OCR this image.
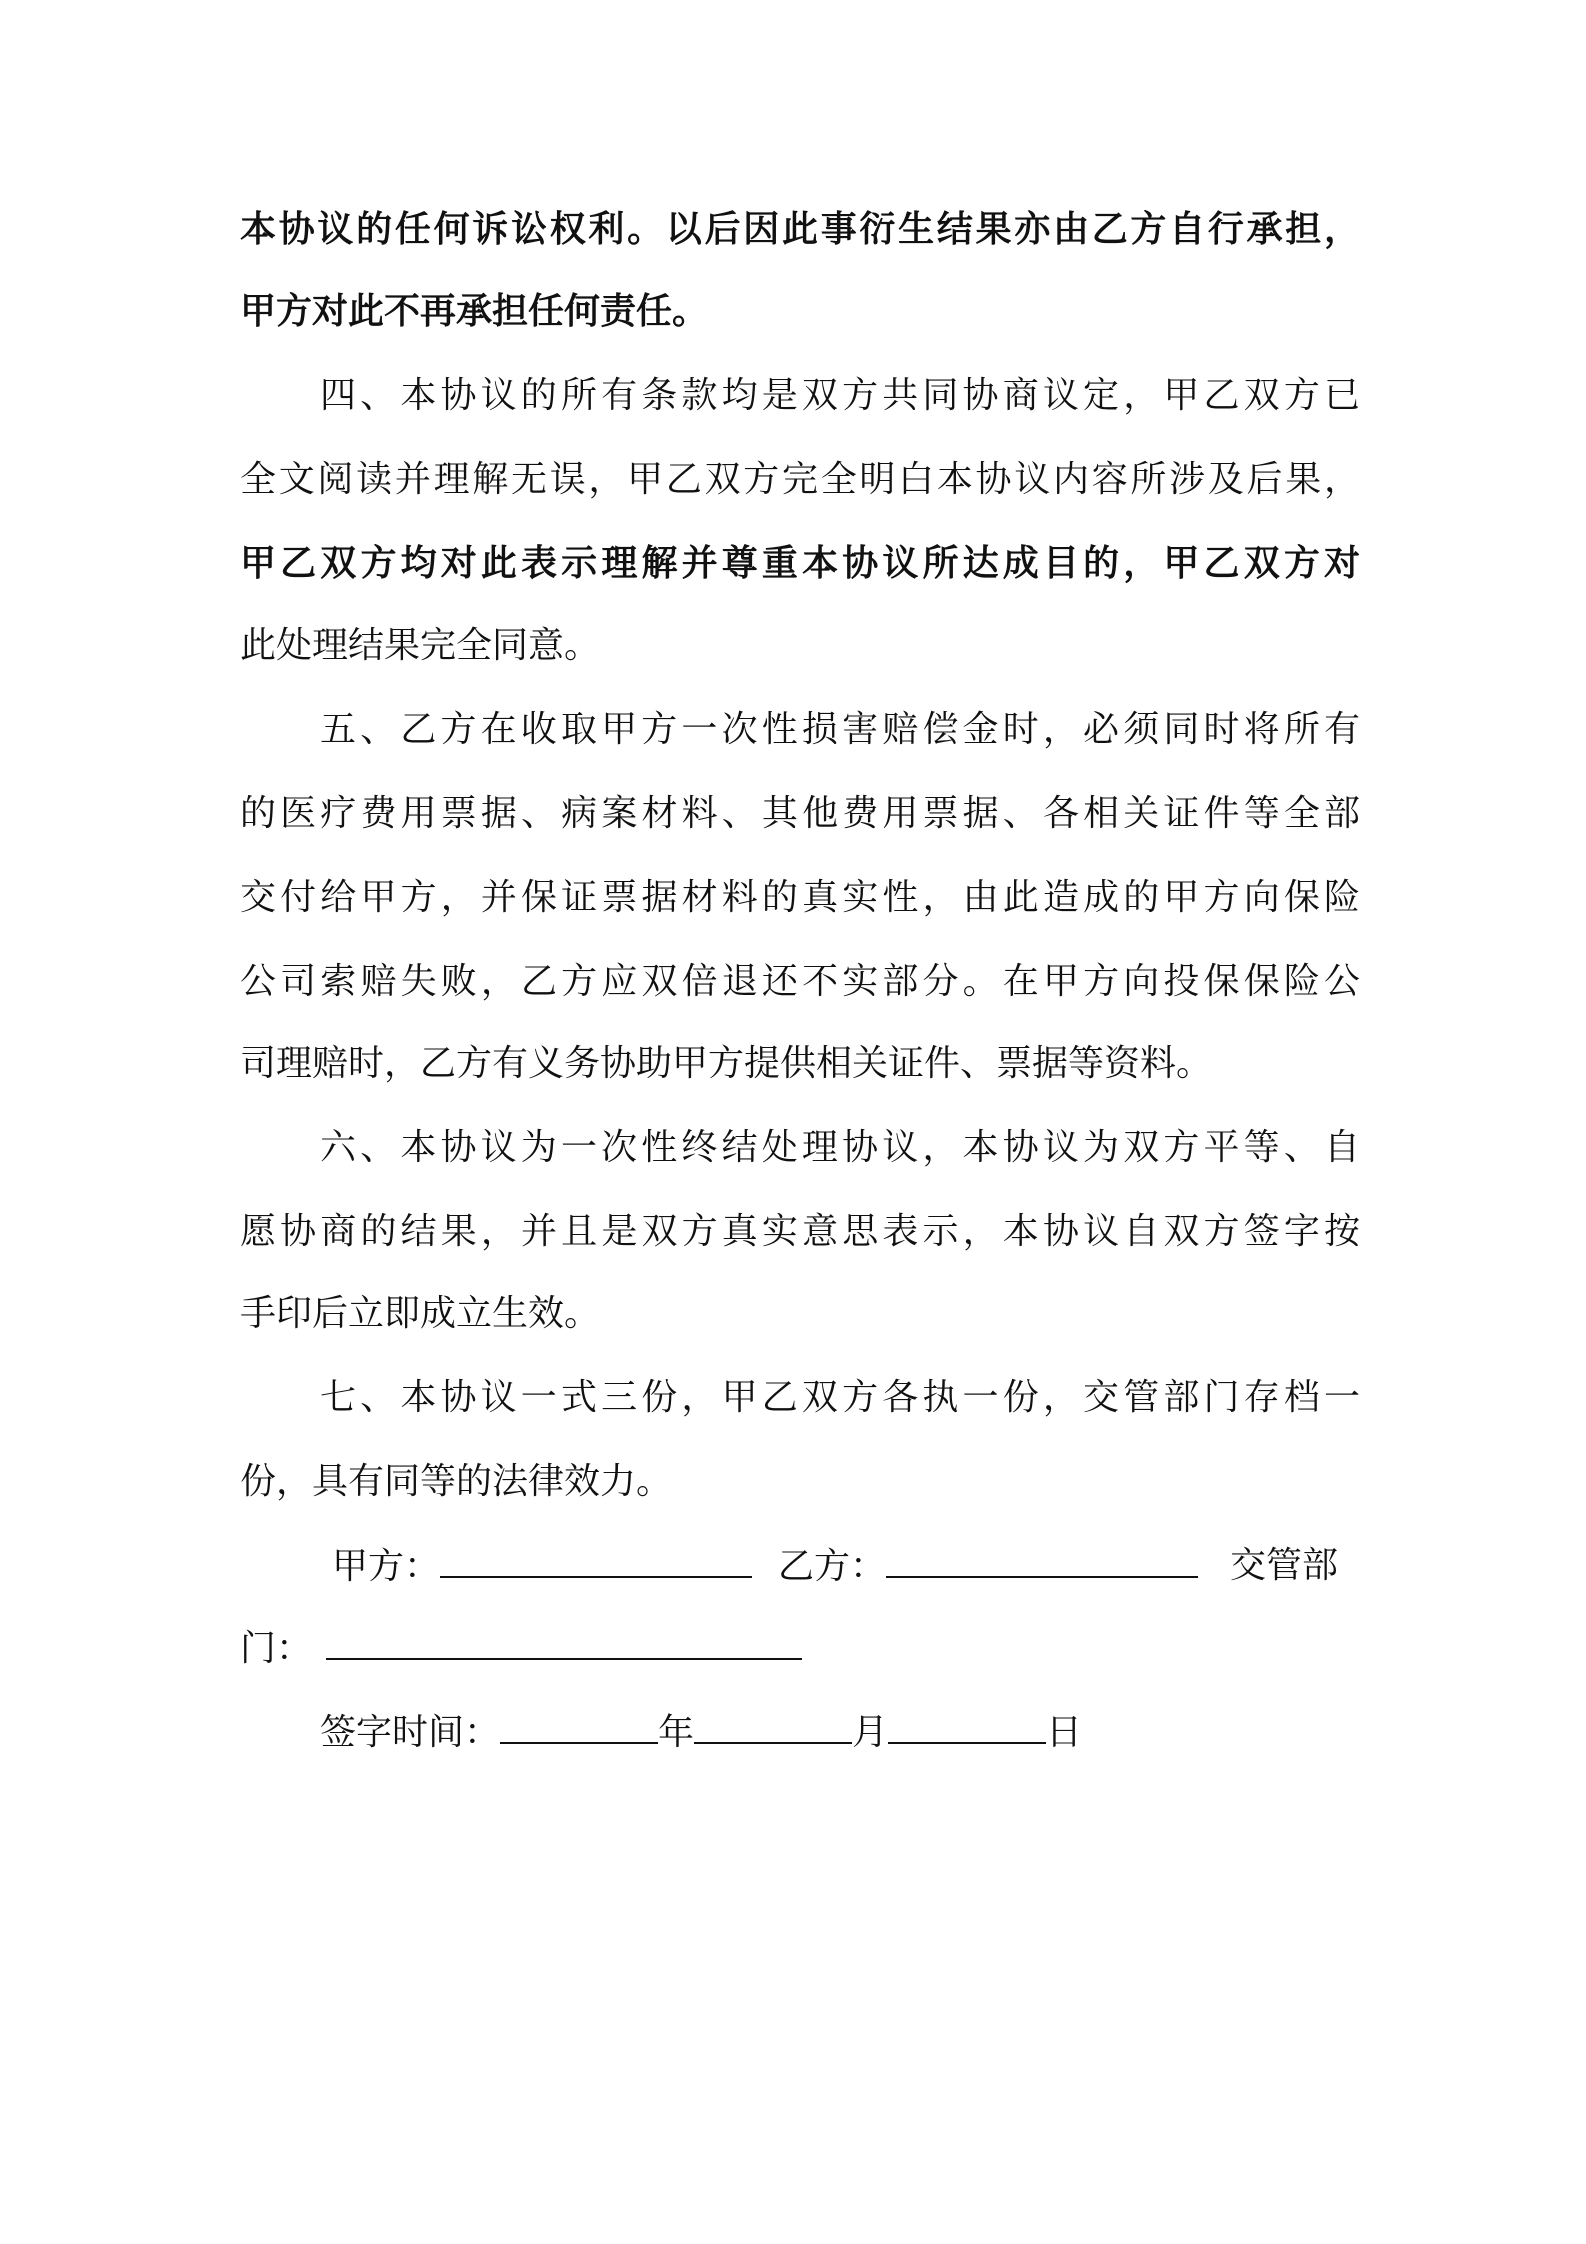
本协议的任何诉讼权利。以后因此事衍生结果亦由乙方自行承担，
甲方对此不再承担任何责任。
四、本协议的所有条款均是双方共同协商议定，甲乙双方已
全文阅读并理解无误，甲乙双方完全明白本协议内容所涉及后果，
甲乙双方均对此表示理解并尊重本协议所达成目的，甲乙双方对
此处理结果完全同意。
五、乙方在收取甲方一次性损害赔偿金时，必须同时将所有
的医疗费用票据、病案材料、其他费用票据、各相关证件等全部
交付给甲方，并保证票据材料的真实性，由此造成的甲方向保险
公司索赔失败，乙方应双倍退还不实部分。在甲方向投保保险公
司理赔时，乙方有义务协助甲方提供相关证件、票据等资料。
六、本协议为一次性终结处理协议，本协议为双方平等、自
愿协商的结果，并且是双方真实意思表示，本协议自双方签字按
手印后立即成立生效。
七、本协议一式三份，甲乙双方各执一份，交管部门存档一
份，具有同等的法律效力。
甲方：	乙方：	交管部
门：
签字时间：	年	月	日
